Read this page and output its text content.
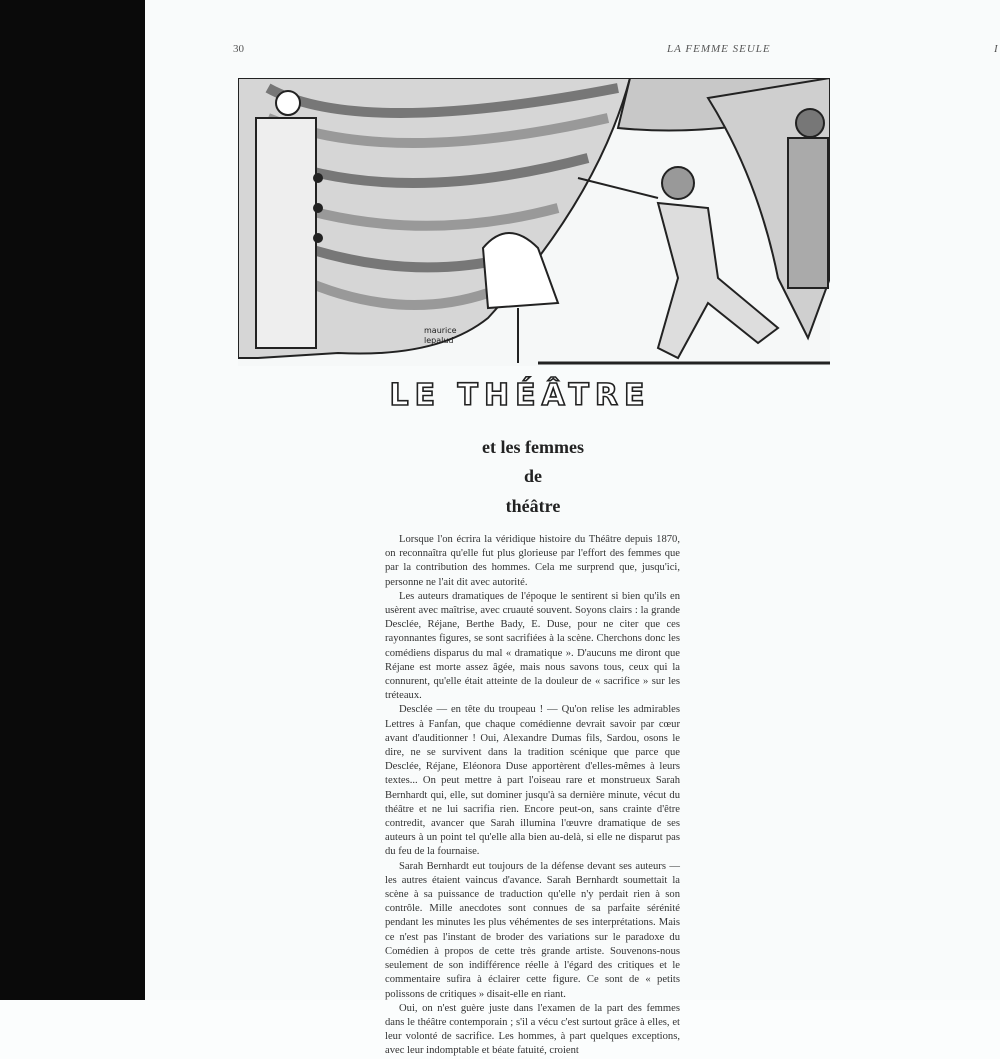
30	LA FEMME SEULE	I
maurice
lepalud
LE THÉÂTRE
et les femmes
de
théâtre

Lorsque l'on écrira la véridique histoire du Théâtre depuis 1870, on reconnaîtra qu'elle fut plus glorieuse par l'effort des femmes que par la contribution des hommes. Cela me surprend que, jusqu'ici, personne ne l'ait dit avec autorité.

Les auteurs dramatiques de l'époque le sentirent si bien qu'ils en usèrent avec maîtrise, avec cruauté souvent. Soyons clairs : la grande Desclée, Réjane, Berthe Bady, E. Duse, pour ne citer que ces rayonnantes figures, se sont sacrifiées à la scène. Cherchons donc les comédiens disparus du mal « dramatique ». D'aucuns me diront que Réjane est morte assez âgée, mais nous savons tous, ceux qui la connurent, qu'elle était atteinte de la douleur de « sacrifice » sur les tréteaux.

Desclée — en tête du troupeau ! — Qu'on relise les admirables Lettres à Fanfan, que chaque comédienne devrait savoir par cœur avant d'auditionner ! Oui, Alexandre Dumas fils, Sardou, osons le dire, ne se survivent dans la tradition scénique que parce que Desclée, Réjane, Eléonora Duse apportèrent d'elles-mêmes à leurs textes... On peut mettre à part l'oiseau rare et monstrueux Sarah Bernhardt qui, elle, sut dominer jusqu'à sa dernière minute, vécut du théâtre et ne lui sacrifia rien. Encore peut-on, sans crainte d'être contredit, avancer que Sarah illumina l'œuvre dramatique de ses auteurs à un point tel qu'elle alla bien au-delà, si elle ne disparut pas du feu de la fournaise.

Sarah Bernhardt eut toujours de la défense devant ses auteurs — les autres étaient vaincus d'avance. Sarah Bernhardt soumettait la scène à sa puissance de traduction qu'elle n'y perdait rien à son contrôle. Mille anecdotes sont connues de sa parfaite sérénité pendant les minutes les plus véhémentes de ses interprétations. Mais ce n'est pas l'instant de broder des variations sur le paradoxe du Comédien à propos de cette très grande artiste. Souvenons-nous seulement de son indifférence réelle à l'égard des critiques et le commentaire sufira à éclairer cette figure. Ce sont de « petits polissons de critiques » disait-elle en riant.

Oui, on n'est guère juste dans l'examen de la part des femmes dans le théâtre contemporain ; s'il a vécu c'est surtout grâce à elles, et leur volonté de sacrifice. Les hommes, à part quelques exceptions, avec leur indomptable et béate fatuité, croient
